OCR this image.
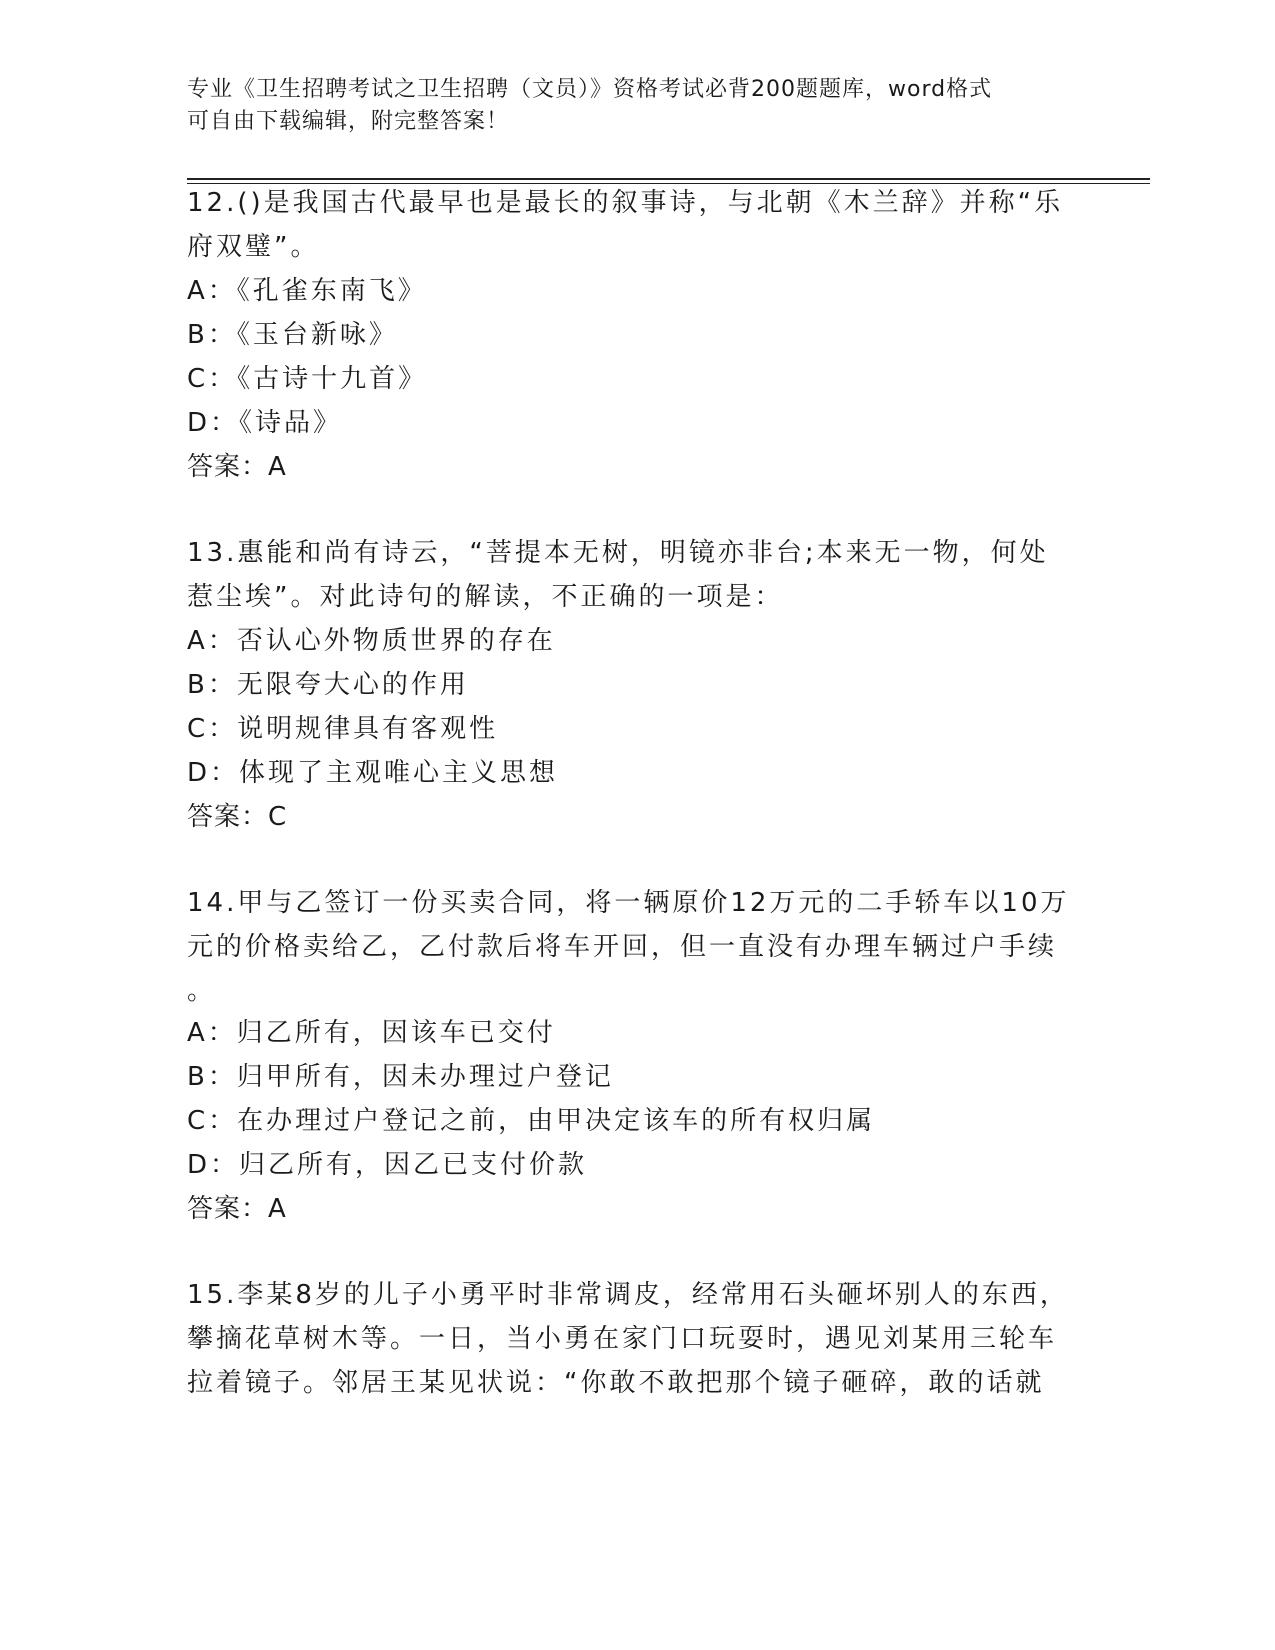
专业《卫生招聘考试之卫生招聘（文员）》资格考试必背200题题库，word格式
可自由下载编辑，附完整答案！
12.()是我国古代最早也是最长的叙事诗，与北朝《木兰辞》并称“乐
府双璧”。
A：《孔雀东南飞》
B：《玉台新咏》
C：《古诗十九首》
D：《诗品》
答案：A
13.惠能和尚有诗云，“菩提本无树，明镜亦非台;本来无一物，何处
惹尘埃”。对此诗句的解读，不正确的一项是：
A：否认心外物质世界的存在
B：无限夸大心的作用
C：说明规律具有客观性
D：体现了主观唯心主义思想
答案：C
14.甲与乙签订一份买卖合同，将一辆原价12万元的二手轿车以10万
元的价格卖给乙，乙付款后将车开回，但一直没有办理车辆过户手续
。
A：归乙所有，因该车已交付
B：归甲所有，因未办理过户登记
C：在办理过户登记之前，由甲决定该车的所有权归属
D：归乙所有，因乙已支付价款
答案：A
15.李某8岁的儿子小勇平时非常调皮，经常用石头砸坏别人的东西，
攀摘花草树木等。一日，当小勇在家门口玩耍时，遇见刘某用三轮车
拉着镜子。邻居王某见状说：“你敢不敢把那个镜子砸碎，敢的话就
